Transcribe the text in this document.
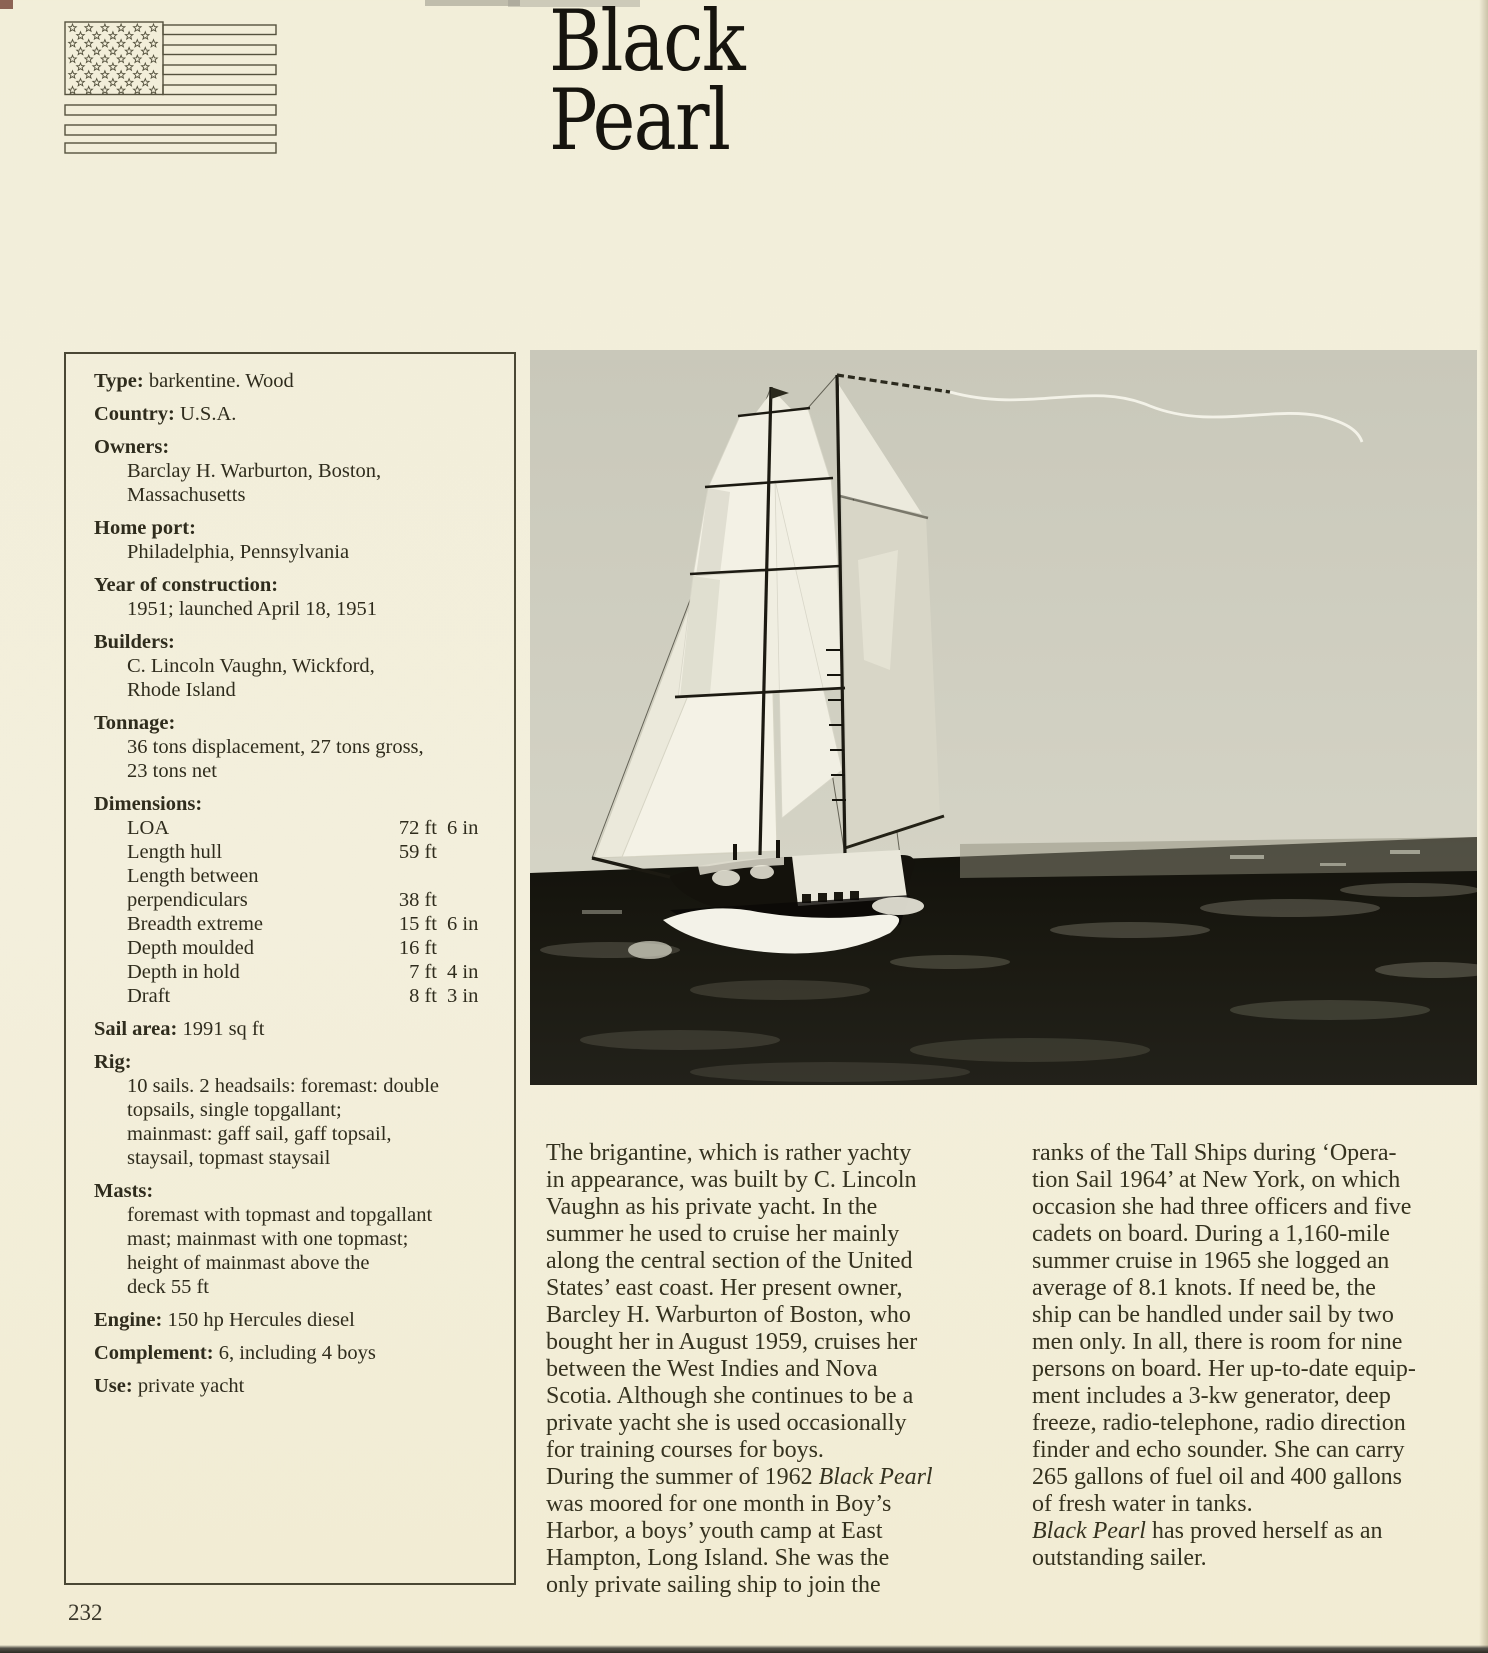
Black
Pearl
Type: barkentine. Wood
Country: U.S.A.
Owners:
Barclay H. Warburton, Boston,
Massachusetts
Home port:
Philadelphia, Pennsylvania
Year of construction:
1951; launched April 18, 1951
Builders:
C. Lincoln Vaughn, Wickford,
Rhode Island
Tonnage:
36 tons displacement, 27 tons gross,
23 tons net
Dimensions:
LOA	72 ft 6 in
Length hull	59 ft
Length between
perpendiculars	38 ft
Breadth extreme	15 ft 6 in
Depth moulded	16 ft
Depth in hold	7 ft 4 in
Draft	8 ft 3 in
Sail area: 1991 sq ft
Rig:
10 sails. 2 headsails: foremast: double
topsails, single topgallant;
mainmast: gaff sail, gaff topsail,
staysail, topmast staysail
Masts:
foremast with topmast and topgallant
mast; mainmast with one topmast;
height of mainmast above the
deck 55 ft
Engine: 150 hp Hercules diesel
Complement: 6, including 4 boys
Use: private yacht
The brigantine, which is rather yachty
in appearance, was built by C. Lincoln
Vaughn as his private yacht. In the
summer he used to cruise her mainly
along the central section of the United
States’ east coast. Her present owner,
Barcley H. Warburton of Boston, who
bought her in August 1959, cruises her
between the West Indies and Nova
Scotia. Although she continues to be a
private yacht she is used occasionally
for training courses for boys.
During the summer of 1962 Black Pearl
was moored for one month in Boy’s
Harbor, a boys’ youth camp at East
Hampton, Long Island. She was the
only private sailing ship to join the
ranks of the Tall Ships during ‘Opera-
tion Sail 1964’ at New York, on which
occasion she had three officers and five
cadets on board. During a 1,160-mile
summer cruise in 1965 she logged an
average of 8.1 knots. If need be, the
ship can be handled under sail by two
men only. In all, there is room for nine
persons on board. Her up-to-date equip-
ment includes a 3-kw generator, deep
freeze, radio-telephone, radio direction
finder and echo sounder. She can carry
265 gallons of fuel oil and 400 gallons
of fresh water in tanks.
Black Pearl has proved herself as an
outstanding sailer.
232
